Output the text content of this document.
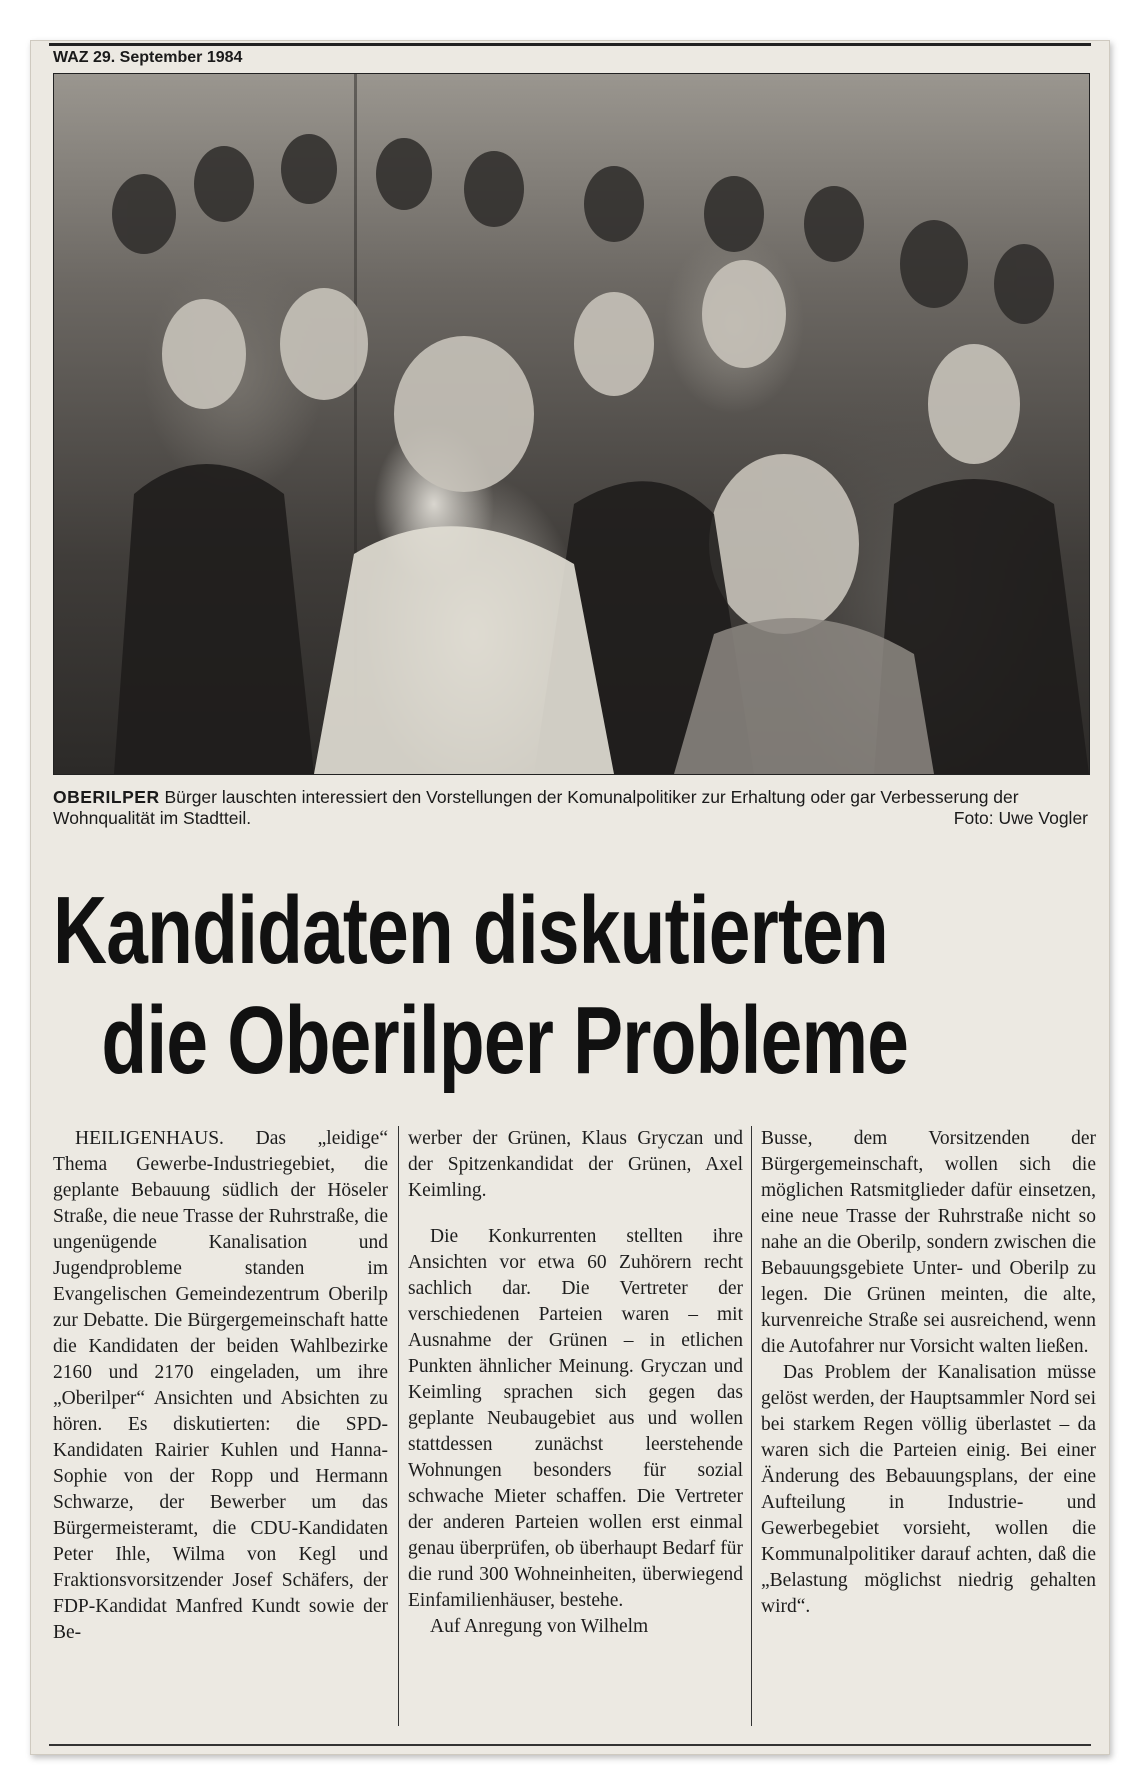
WAZ 29. September 1984
OBERILPER Bürger lauschten interessiert den Vorstellungen der Komunalpolitiker zur Erhaltung oder gar Verbesserung der Wohnqualität im Stadtteil.	Foto: Uwe Vogler
Kandidaten diskutierten
die Oberilper Probleme

HEILIGENHAUS. Das „leidige“ Thema Gewerbe-Industriegebiet, die geplante Bebauung südlich der Höseler Straße, die neue Trasse der Ruhrstraße, die ungenügende Kanalisation und Jugendprobleme standen im Evangelischen Gemeindezentrum Oberilp zur Debatte. Die Bürgergemeinschaft hatte die Kandidaten der beiden Wahlbezirke 2160 und 2170 eingeladen, um ihre „Oberilper“ Ansichten und Absichten zu hören. Es diskutierten: die SPD-Kandidaten Rairier Kuhlen und Hanna-Sophie von der Ropp und Hermann Schwarze, der Bewerber um das Bürgermeisteramt, die CDU-Kandidaten Peter Ihle, Wilma von Kegl und Fraktionsvorsitzender Josef Schäfers, der FDP-Kandidat Manfred Kundt sowie der Be-

werber der Grünen, Klaus Gryczan und der Spitzenkandidat der Grünen, Axel Keimling.

Die Konkurrenten stellten ihre Ansichten vor etwa 60 Zuhörern recht sachlich dar. Die Vertreter der verschiedenen Parteien waren – mit Ausnahme der Grünen – in etlichen Punkten ähnlicher Meinung. Gryczan und Keimling sprachen sich gegen das geplante Neubaugebiet aus und wollen stattdessen zunächst leerstehende Wohnungen besonders für sozial schwache Mieter schaffen. Die Vertreter der anderen Parteien wollen erst einmal genau überprüfen, ob überhaupt Bedarf für die rund 300 Wohneinheiten, überwiegend Einfamilienhäuser, bestehe.

Auf Anregung von Wilhelm

Busse, dem Vorsitzenden der Bürgergemeinschaft, wollen sich die möglichen Ratsmitglieder dafür einsetzen, eine neue Trasse der Ruhrstraße nicht so nahe an die Oberilp, sondern zwischen die Bebauungsgebiete Unter- und Oberilp zu legen. Die Grünen meinten, die alte, kurvenreiche Straße sei ausreichend, wenn die Autofahrer nur Vorsicht walten ließen.

Das Problem der Kanalisation müsse gelöst werden, der Hauptsammler Nord sei bei starkem Regen völlig überlastet – da waren sich die Parteien einig. Bei einer Änderung des Bebauungsplans, der eine Aufteilung in Industrie- und Gewerbegebiet vorsieht, wollen die Kommunalpolitiker darauf achten, daß die „Belastung möglichst niedrig gehalten wird“.
